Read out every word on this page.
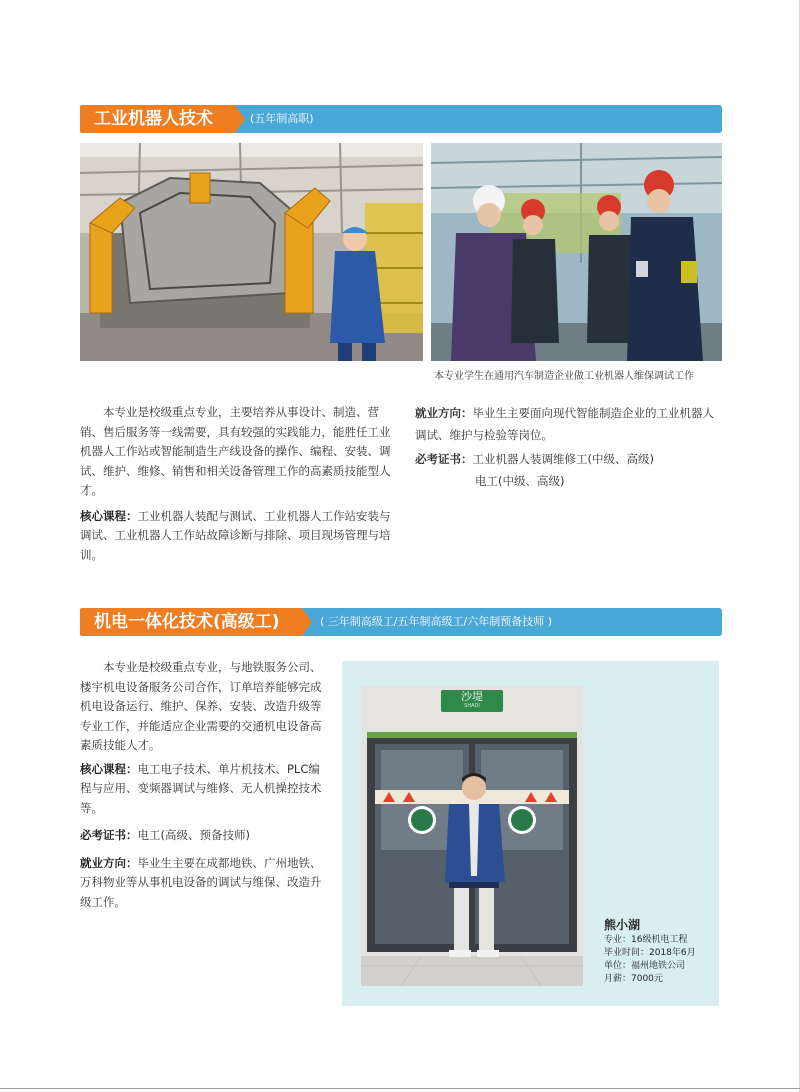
工业机器人技术	(五年制高职)
本专业学生在通用汽车制造企业做工业机器人维保调试工作

本专业是校级重点专业，主要培养从事设计、制造、营销、售后服务等一线需要，具有较强的实践能力，能胜任工业机器人工作站或智能制造生产线设备的操作、编程、安装、调试、维护、维修、销售和相关设备管理工作的高素质技能型人才。

核心课程：工业机器人装配与测试、工业机器人工作站安装与调试、工业机器人工作站故障诊断与排除、项目现场管理与培训。

就业方向：毕业生主要面向现代智能制造企业的工业机器人调试、维护与检验等岗位。

必考证书：工业机器人装调维修工(中级、高级)

电工(中级、高级)

机电一体化技术(高级工)	( 三年制高级工/五年制高级工/六年制预备技师 )

本专业是校级重点专业，与地铁服务公司、楼宇机电设备服务公司合作，订单培养能够完成机电设备运行、维护、保养、安装、改造升级等专业工作，并能适应企业需要的交通机电设备高素质技能人才。

核心课程：电工电子技术、单片机技术、PLC编程与应用、变频器调试与维修、无人机操控技术等。

必考证书：电工(高级、预备技师)

就业方向：毕业生主要在成都地铁、广州地铁、万科物业等从事机电设备的调试与维保、改造升级工作。

沙堤
SHADI
熊小湖
专业：16级机电工程
毕业时间：2018年6月
单位：福州地铁公司
月薪：7000元
